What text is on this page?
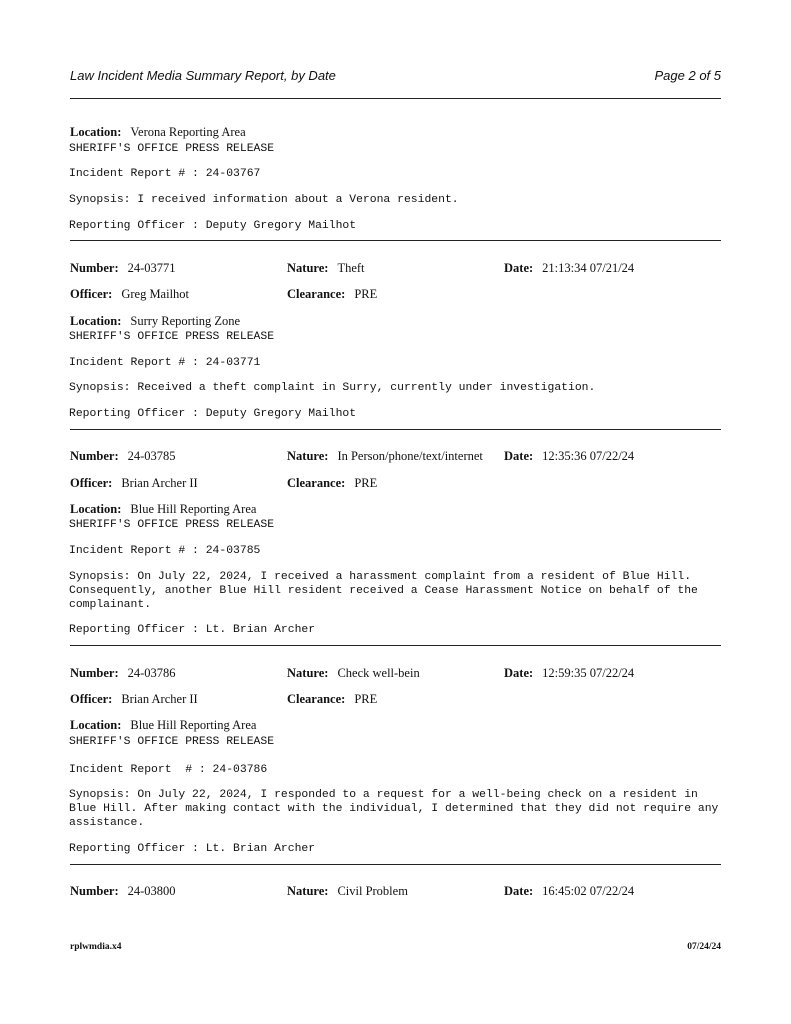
Law Incident Media Summary Report, by Date	Page 2 of 5
Location: Verona Reporting Area
SHERIFF'S OFFICE PRESS RELEASE
Incident Report # : 24-03767
Synopsis: I received information about a Verona resident.
Reporting Officer : Deputy Gregory Mailhot
Number: 24-03771	Nature: Theft	Date: 21:13:34 07/21/24
Officer: Greg Mailhot	Clearance: PRE
Location: Surry Reporting Zone
SHERIFF'S OFFICE PRESS RELEASE
Incident Report # : 24-03771
Synopsis: Received a theft complaint in Surry, currently under investigation.
Reporting Officer : Deputy Gregory Mailhot
Number: 24-03785	Nature: In Person/phone/text/internet Date: 12:35:36 07/22/24
Officer: Brian Archer II	Clearance: PRE
Location: Blue Hill Reporting Area
SHERIFF'S OFFICE PRESS RELEASE
Incident Report # : 24-03785
Synopsis: On July 22, 2024, I received a harassment complaint from a resident of Blue Hill. Consequently, another Blue Hill resident received a Cease Harassment Notice on behalf of the complainant.
Reporting Officer : Lt. Brian Archer
Number: 24-03786	Nature: Check well-bein	Date: 12:59:35 07/22/24
Officer: Brian Archer II	Clearance: PRE
Location: Blue Hill Reporting Area
SHERIFF'S OFFICE PRESS RELEASE
Incident Report  # : 24-03786
Synopsis: On July 22, 2024, I responded to a request for a well-being check on a resident in Blue Hill. After making contact with the individual, I determined that they did not require any assistance.
Reporting Officer : Lt. Brian Archer
Number: 24-03800	Nature: Civil Problem	Date: 16:45:02 07/22/24
rplwmdia.x4	07/24/24
